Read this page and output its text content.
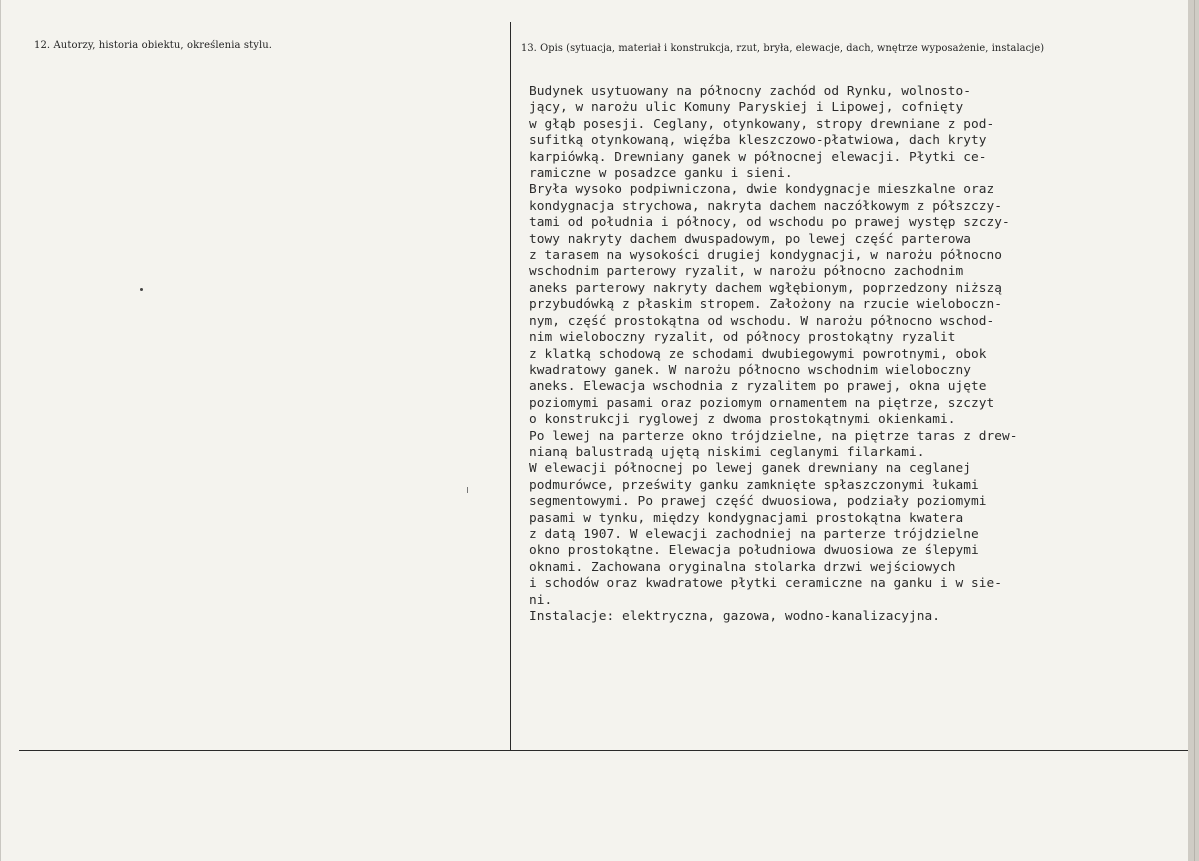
12. Autorzy, historia obiektu, określenia stylu.	13. Opis (sytuacja, materiał i konstrukcja, rzut, bryła, elewacje, dach, wnętrze wyposażenie, instalacje)
Budynek usytuowany na północny zachód od Rynku, wolnosto-
jący, w narożu ulic Komuny Paryskiej i Lipowej, cofnięty
w głąb posesji. Ceglany, otynkowany, stropy drewniane z pod-
sufitką otynkowaną, więźba kleszczowo-płatwiowa, dach kryty
karpiówką. Drewniany ganek w północnej elewacji. Płytki ce-
ramiczne w posadzce ganku i sieni.
Bryła wysoko podpiwniczona, dwie kondygnacje mieszkalne oraz
kondygnacja strychowa, nakryta dachem naczółkowym z półszczy-
tami od południa i północy, od wschodu po prawej występ szczy-
towy nakryty dachem dwuspadowym, po lewej część parterowa
z tarasem na wysokości drugiej kondygnacji, w narożu północno
wschodnim parterowy ryzalit, w narożu północno zachodnim
aneks parterowy nakryty dachem wgłębionym, poprzedzony niższą
przybudówką z płaskim stropem. Założony na rzucie wieloboczn-
nym, część prostokątna od wschodu. W narożu północno wschod-
nim wieloboczny ryzalit, od północy prostokątny ryzalit
z klatką schodową ze schodami dwubiegowymi powrotnymi, obok
kwadratowy ganek. W narożu północno wschodnim wieloboczny
aneks. Elewacja wschodnia z ryzalitem po prawej, okna ujęte
poziomymi pasami oraz poziomym ornamentem na piętrze, szczyt
o konstrukcji ryglowej z dwoma prostokątnymi okienkami.
Po lewej na parterze okno trójdzielne, na piętrze taras z drew-
nianą balustradą ujętą niskimi ceglanymi filarkami.
W elewacji północnej po lewej ganek drewniany na ceglanej
podmurówce, prześwity ganku zamknięte spłaszczonymi łukami
segmentowymi. Po prawej część dwuosiowa, podziały poziomymi
pasami w tynku, między kondygnacjami prostokątna kwatera
z datą 1907. W elewacji zachodniej na parterze trójdzielne
okno prostokątne. Elewacja południowa dwuosiowa ze ślepymi
oknami. Zachowana oryginalna stolarka drzwi wejściowych
i schodów oraz kwadratowe płytki ceramiczne na ganku i w sie-
ni.
Instalacje: elektryczna, gazowa, wodno-kanalizacyjna.
